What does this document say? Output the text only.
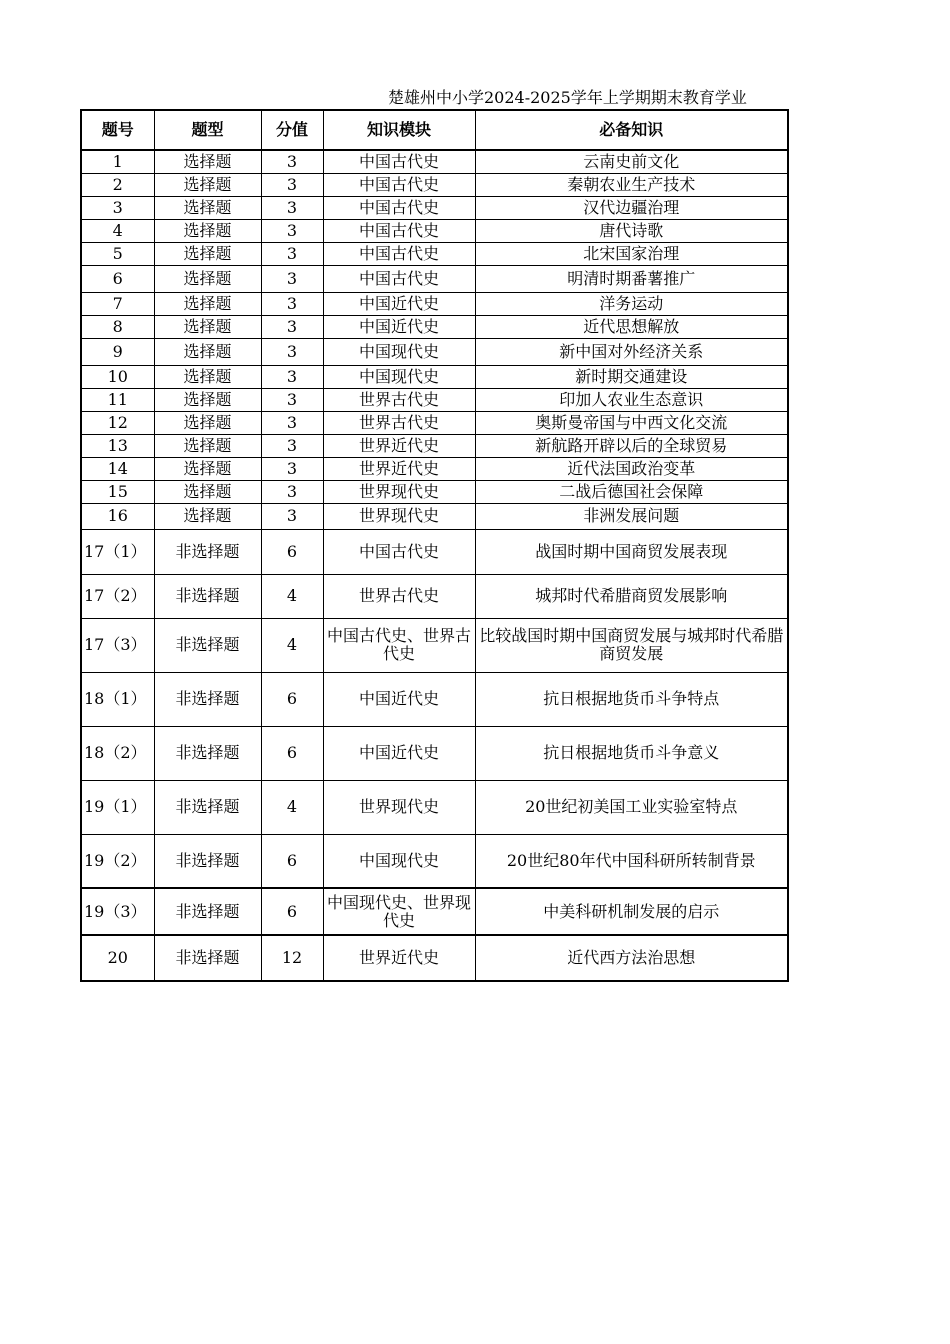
楚雄州中小学2024-2025学年上学期期末教育学业
题号	题型	分值	知识模块	必备知识
1	选择题	3	中国古代史	云南史前文化
2	选择题	3	中国古代史	秦朝农业生产技术
3	选择题	3	中国古代史	汉代边疆治理
4	选择题	3	中国古代史	唐代诗歌
5	选择题	3	中国古代史	北宋国家治理
6	选择题	3	中国古代史	明清时期番薯推广
7	选择题	3	中国近代史	洋务运动
8	选择题	3	中国近代史	近代思想解放
9	选择题	3	中国现代史	新中国对外经济关系
10	选择题	3	中国现代史	新时期交通建设
11	选择题	3	世界古代史	印加人农业生态意识
12	选择题	3	世界古代史	奥斯曼帝国与中西文化交流
13	选择题	3	世界近代史	新航路开辟以后的全球贸易
14	选择题	3	世界近代史	近代法国政治变革
15	选择题	3	世界现代史	二战后德国社会保障
16	选择题	3	世界现代史	非洲发展问题
17（1）	非选择题	6	中国古代史	战国时期中国商贸发展表现
17（2）	非选择题	4	世界古代史	城邦时代希腊商贸发展影响
17（3）	非选择题	4	中国古代史、世界古代史	比较战国时期中国商贸发展与城邦时代希腊商贸发展
18（1）	非选择题	6	中国近代史	抗日根据地货币斗争特点
18（2）	非选择题	6	中国近代史	抗日根据地货币斗争意义
19（1）	非选择题	4	世界现代史	20世纪初美国工业实验室特点
19（2）	非选择题	6	中国现代史	20世纪80年代中国科研所转制背景
19（3）	非选择题	6	中国现代史、世界现代史	中美科研机制发展的启示
20	非选择题	12	世界近代史	近代西方法治思想
